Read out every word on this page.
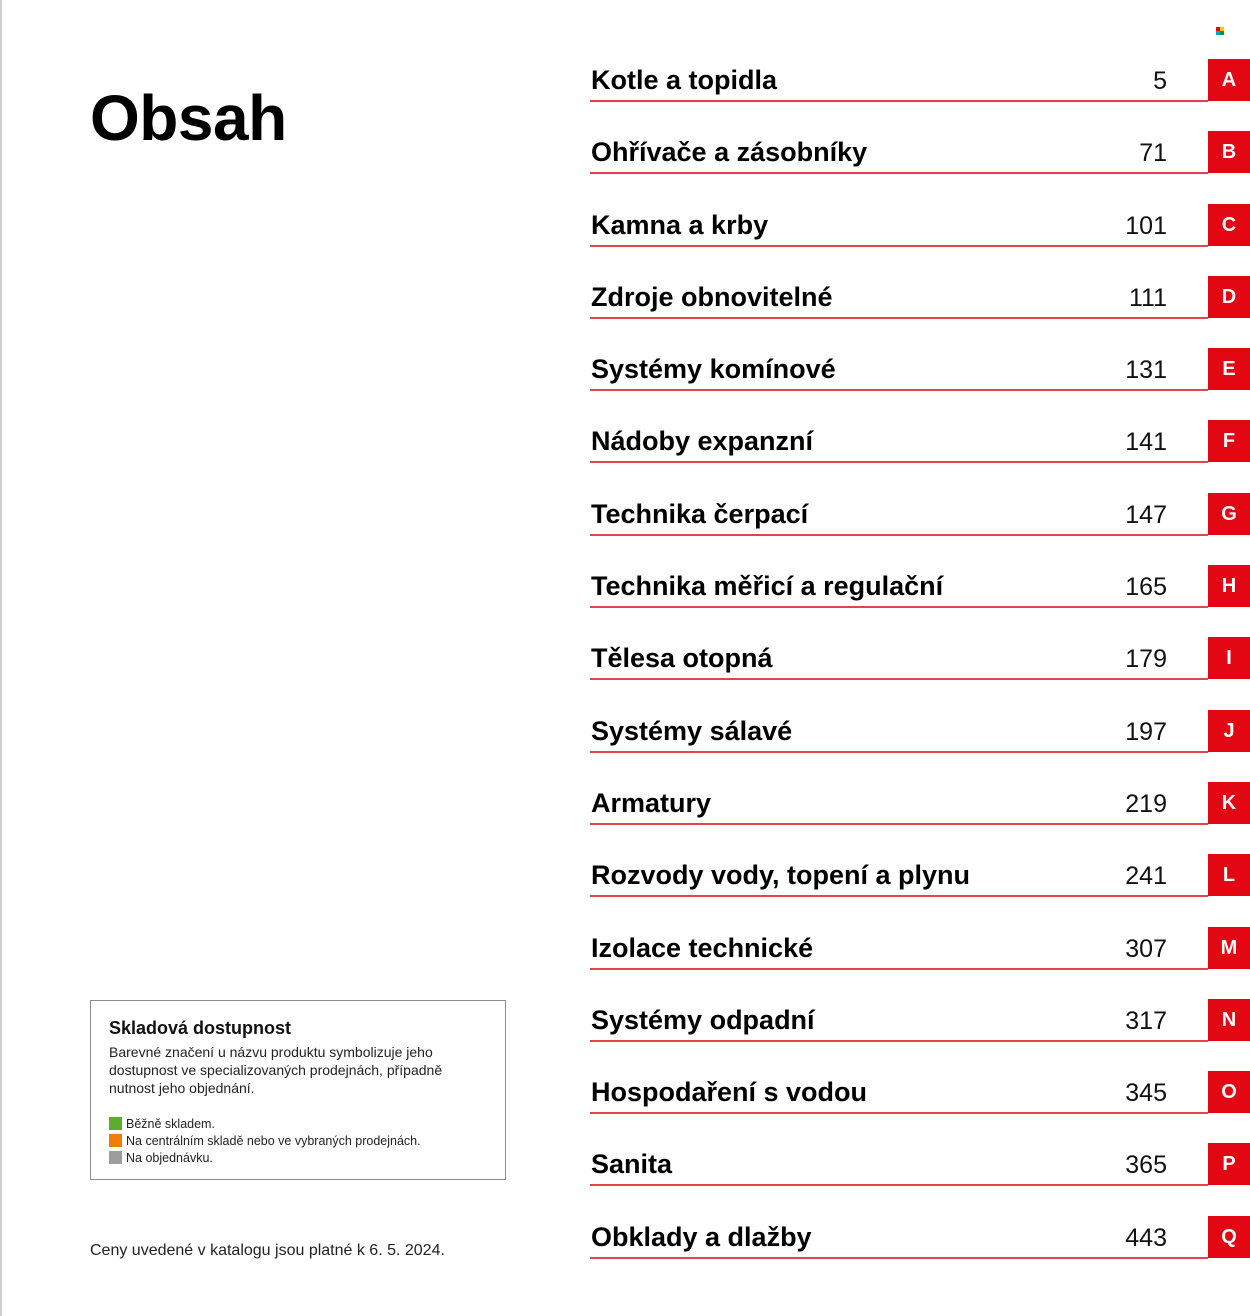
Obsah
Kotle a topidla	5	A
Ohřívače a zásobníky	71	B
Kamna a krby	101	C
Zdroje obnovitelné	111	D
Systémy komínové	131	E
Nádoby expanzní	141	F
Technika čerpací	147	G
Technika měřicí a regulační	165	H
Tělesa otopná	179	I
Systémy sálavé	197	J
Armatury	219	K
Rozvody vody, topení a plynu	241	L
Izolace technické	307	M
Systémy odpadní	317	N
Hospodaření s vodou	345	O
Sanita	365	P
Obklady a dlažby	443	Q
Skladová dostupnost

Barevné značení u názvu produktu symbolizuje jeho dostupnost ve specializovaných prodejnách, případně nutnost jeho objednání.

Běžně skladem.
Na centrálním skladě nebo ve vybraných prodejnách.
Na objednávku.

Ceny uvedené v katalogu jsou platné k 6. 5. 2024.
